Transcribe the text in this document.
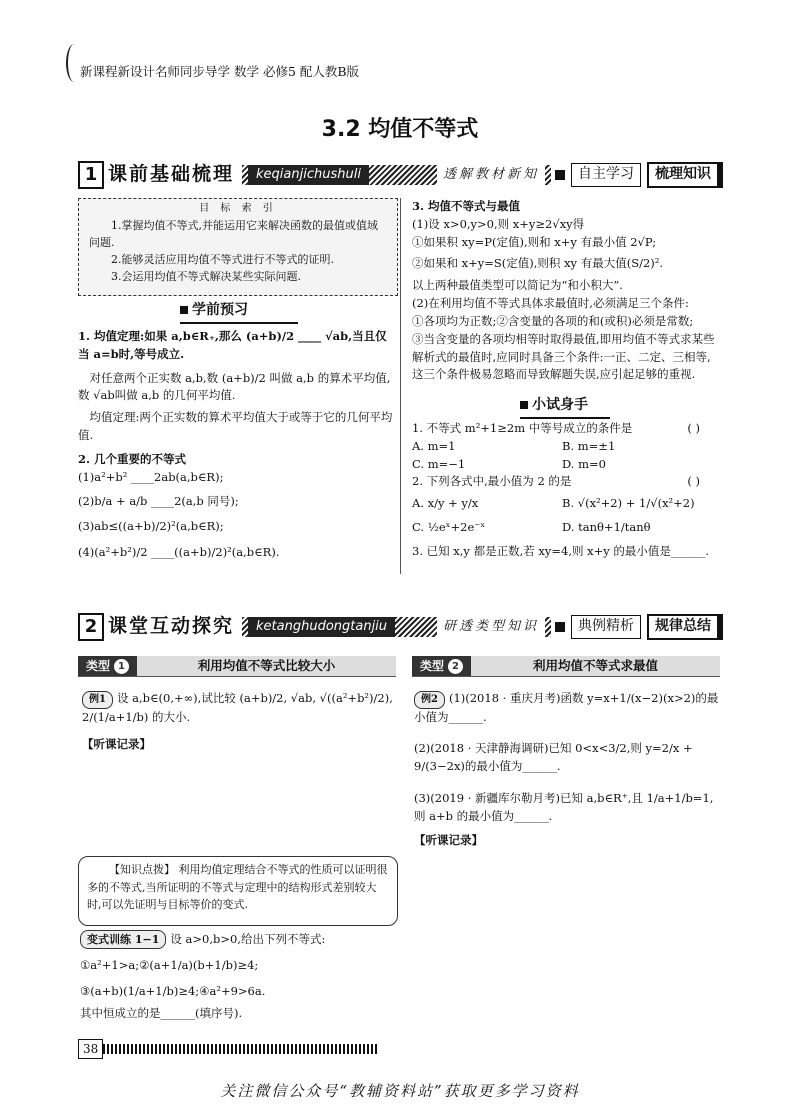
新课程新设计名师同步导学 数学 必修5 配人教B版
3.2 均值不等式
1 课前基础梳理	keqianjichushuli	透解教材新知	自主学习	梳理知识
目 标 索 引

1.掌握均值不等式,并能运用它来解决函数的最值或值域问题.

2.能够灵活应用均值不等式进行不等式的证明.

3.会运用均值不等式解决某些实际问题.

学前预习

1. 均值定理:如果 a,b∈R₊,那么 (a+b)/2 ____ √ab,当且仅当 a=b时,等号成立.

对任意两个正实数 a,b,数 (a+b)/2 叫做 a,b 的算术平均值,数 √ab叫做 a,b 的几何平均值.

均值定理:两个正实数的算术平均值大于或等于它的几何平均值.

2. 几个重要的不等式

(1)a²+b² ____2ab(a,b∈R);

(2)b/a + a/b ____2(a,b 同号);

(3)ab≤((a+b)/2)²(a,b∈R);

(4)(a²+b²)/2 ____((a+b)/2)²(a,b∈R).

3. 均值不等式与最值

(1)设 x>0,y>0,则 x+y≥2√xy得

①如果积 xy=P(定值),则和 x+y 有最小值 2√P;

②如果和 x+y=S(定值),则积 xy 有最大值(S/2)².

以上两种最值类型可以简记为“和小积大”.

(2)在利用均值不等式具体求最值时,必须满足三个条件:

①各项均为正数;②含变量的各项的和(或积)必须是常数;

③当含变量的各项均相等时取得最值,即用均值不等式求某些解析式的最值时,应同时具备三个条件:一正、二定、三相等,这三个条件极易忽略而导致解题失误,应引起足够的重视.

小试身手

1. 不等式 m²+1≥2m 中等号成立的条件是	( )

A. m=1	B. m=±1

C. m=−1	D. m=0

2. 下列各式中,最小值为 2 的是	( )

A. x/y + y/x	B. √(x²+2) + 1/√(x²+2)

C. ½eˣ+2e⁻ˣ	D. tanθ+1/tanθ

3. 已知 x,y 都是正数,若 xy=4,则 x+y 的最小值是______.

2 课堂互动探究	ketanghudongtanjiu	研透类型知识	典例精析	规律总结
类型 1	利用均值不等式比较大小

例1 设 a,b∈(0,+∞),试比较 (a+b)/2, √ab, √((a²+b²)/2), 2/(1/a+1/b) 的大小.

【听课记录】

类型 2	利用均值不等式求最值

例2 (1)(2018 · 重庆月考)函数 y=x+1/(x−2)(x>2)的最小值为______.

(2)(2018 · 天津静海调研)已知 0<x<3/2,则 y=2/x + 9/(3−2x)的最小值为______.

(3)(2019 · 新疆库尔勒月考)已知 a,b∈R⁺,且 1/a+1/b=1,则 a+b 的最小值为______.

【听课记录】

【知识点拨】 利用均值定理结合不等式的性质可以证明很多的不等式,当所证明的不等式与定理中的结构形式差别较大时,可以先证明与目标等价的变式.

变式训练 1−1 设 a>0,b>0,给出下列不等式:

①a²+1>a;②(a+1/a)(b+1/b)≥4;

③(a+b)(1/a+1/b)≥4;④a²+9>6a.

其中恒成立的是______(填序号).

38
关注微信公众号“教辅资料站”获取更多学习资料
